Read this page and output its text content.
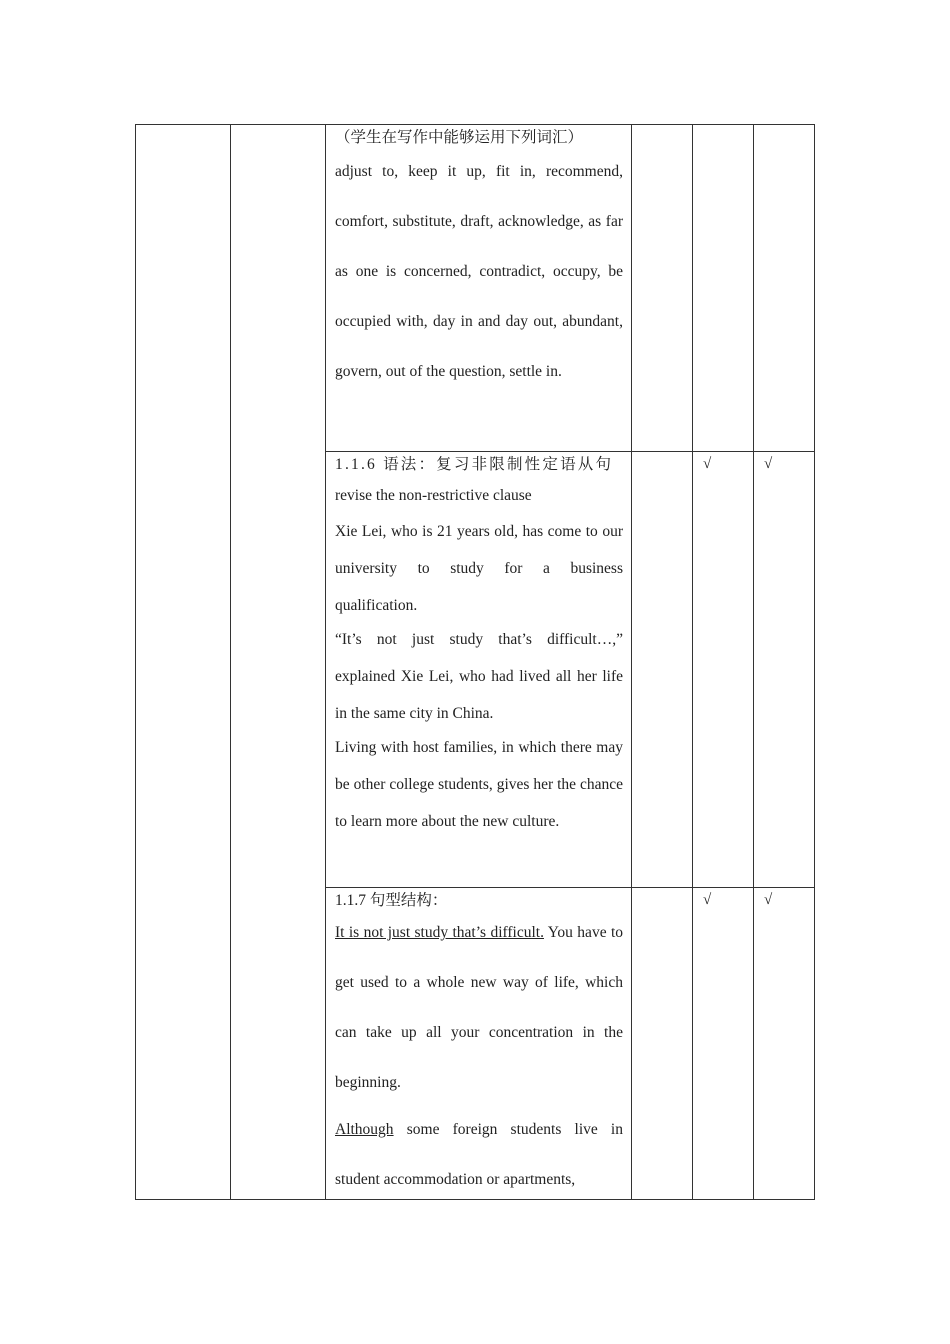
		（学生在写作中能够运用下列词汇）

adjust to, keep it up, fit in, recommend, comfort, substitute, draft, acknowledge, as far as one is concerned, contradict, occupy, be occupied with, day in and day out, abundant, govern, out of the question, settle in.			

		1.1.6 语法：复习非限制性定语从句

revise the non-restrictive clause

Xie Lei, who is 21 years old, has come to our university to study for a business qualification.

“It’s not just study that’s difficult…,” explained Xie Lei, who had lived all her life in the same city in China.

Living with host families, in which there may be other college students, gives her the chance to learn more about the new culture.		√	√

		1.1.7 句型结构：

It is not just study that’s difficult. You have to get used to a whole new way of life, which can take up all your concentration in the beginning.

Although some foreign students live in student accommodation or apartments,		√	√
